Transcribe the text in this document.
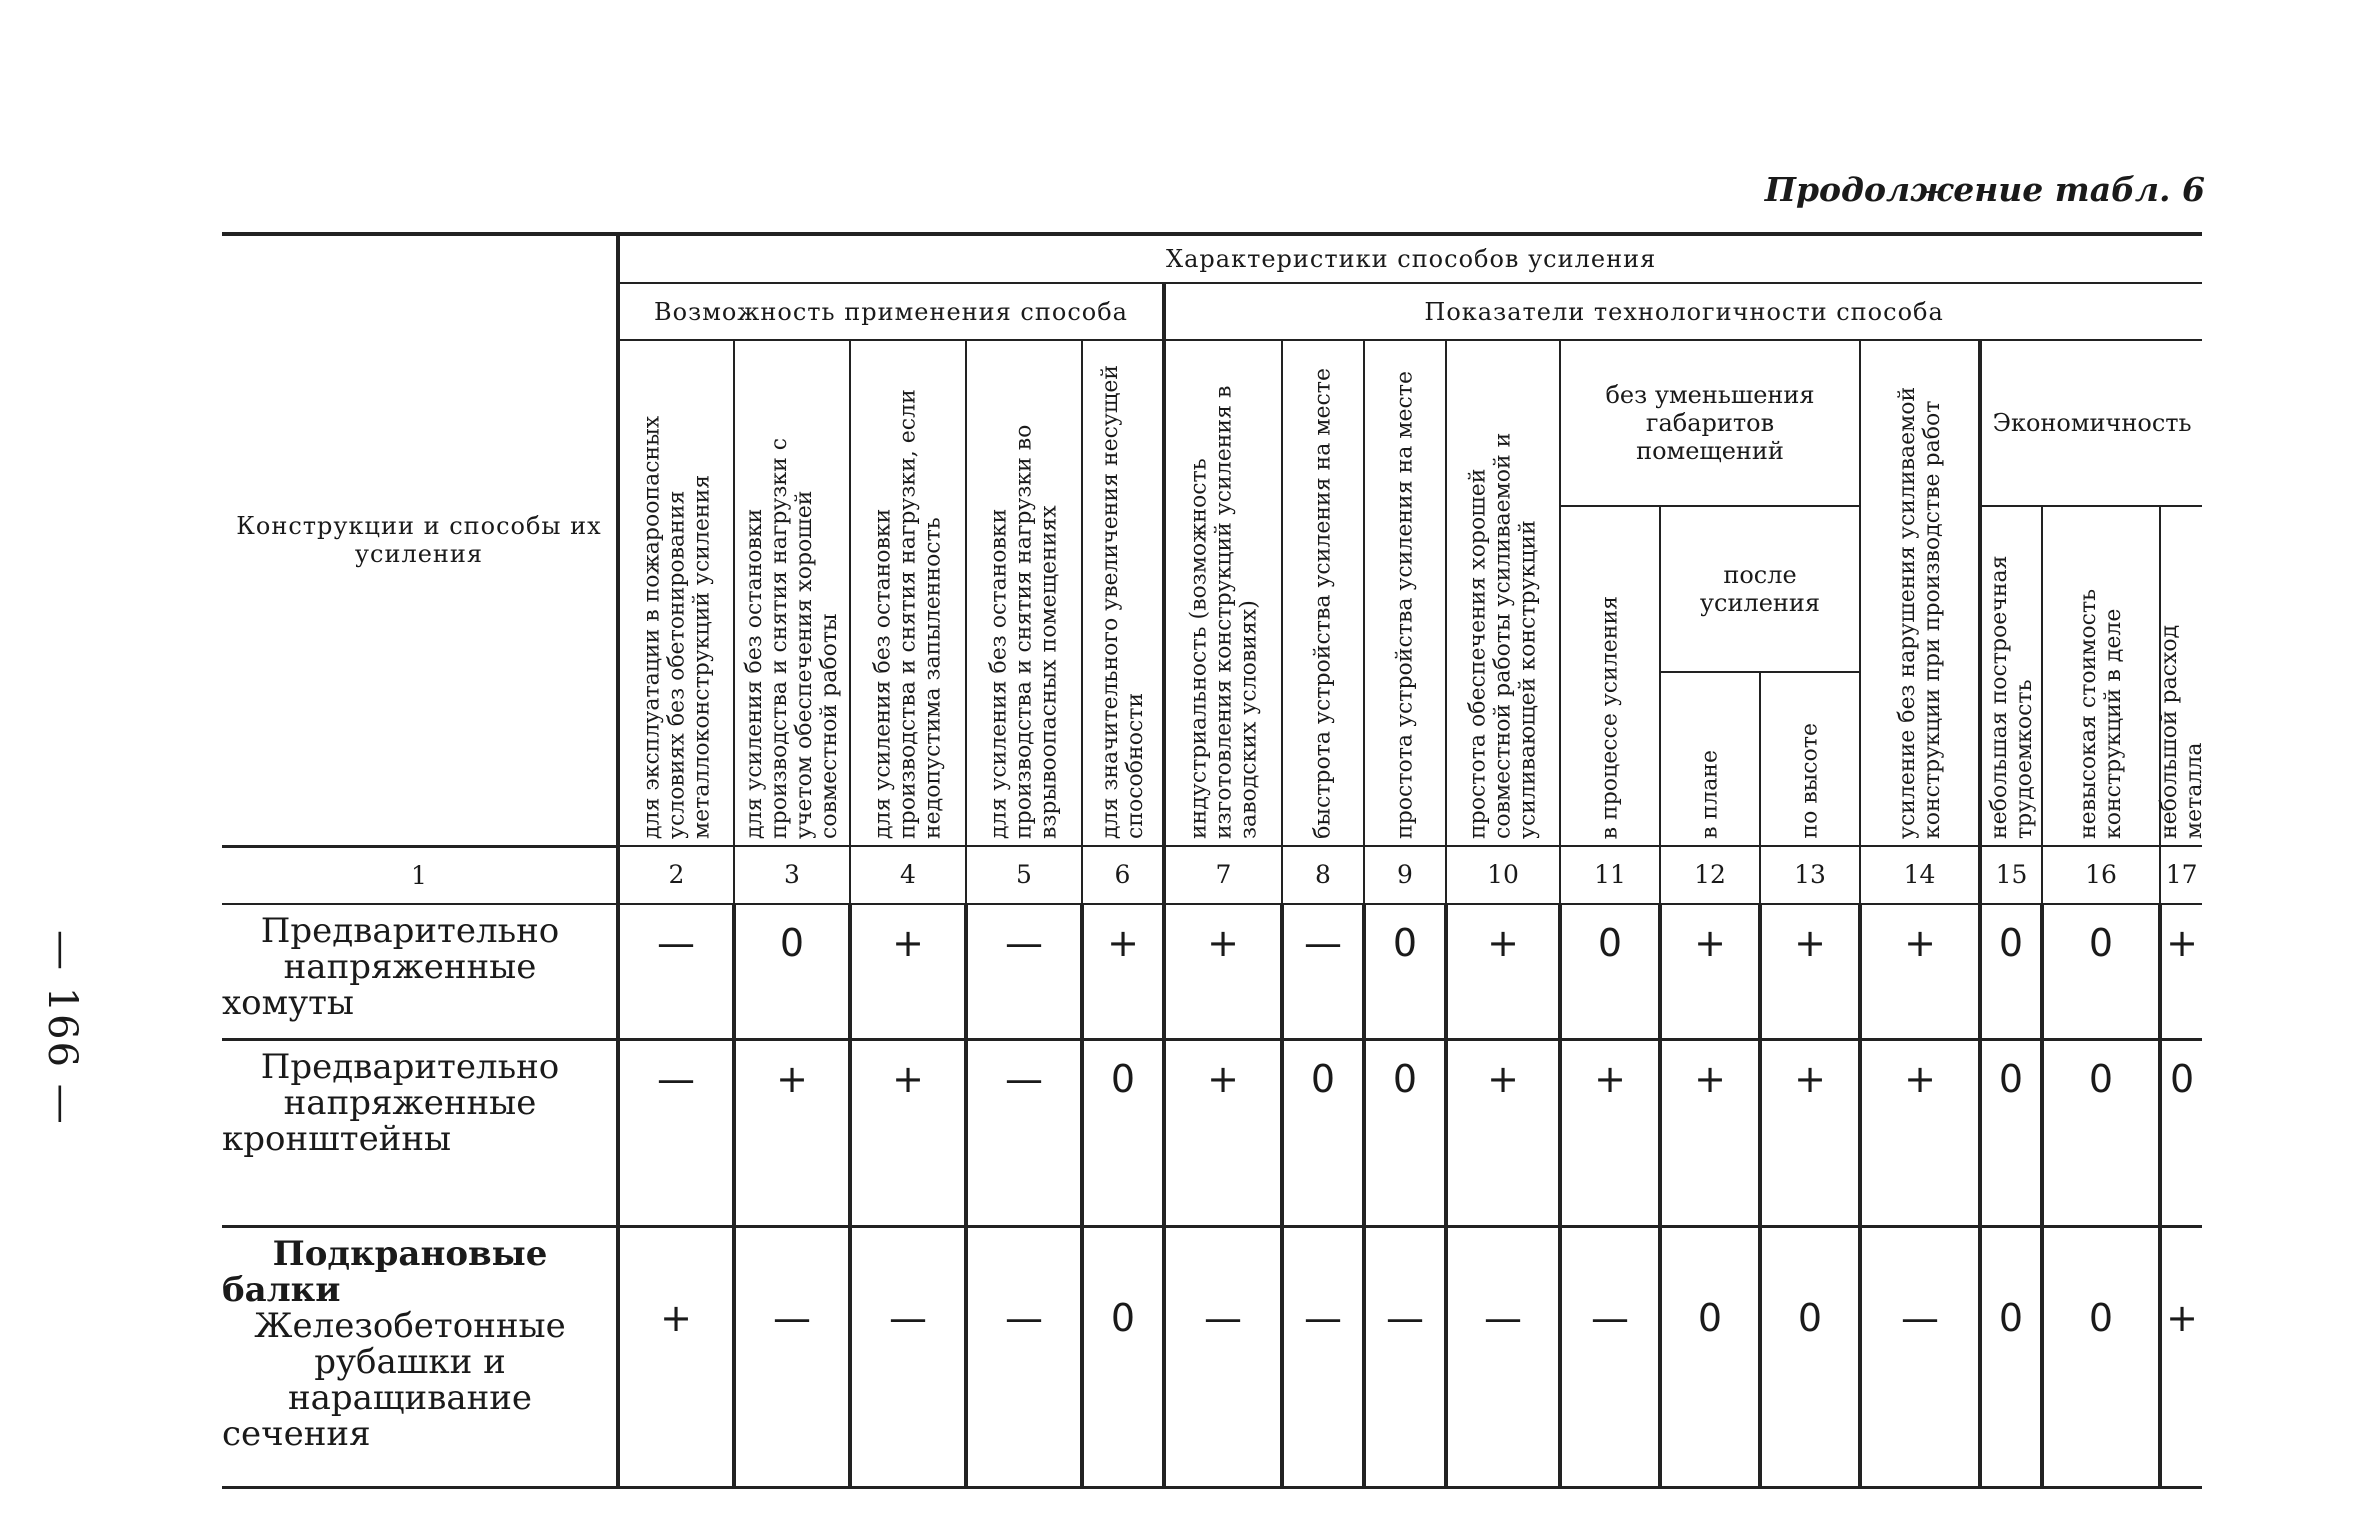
— 166 —
Продолжение табл. 6
Конструкции и способы их усиления	Характеристики способов усиления															
	Возможность применения способа					Показатели технологичности способа										

	для эксплуатации в пожароопасных условиях без обетонирования металлоконструкций усиления	для усиления без остановки производства и снятия нагрузки с учетом обеспечения хорошей совместной работы	для усиления без остановки производства и снятия нагрузки, если недопустима запыленность	для усиления без остановки производства и снятия нагрузки во взрывоопасных помещениях	для значительного увеличения несущей способности	индустриальность (возможность изготовления конструкций усиления в заводских условиях)	быстрота устройства усиления на месте	простота устройства усиления на месте	простота обеспечения хорошей совместной работы усиливаемой и усиливающей конструкций	без уменьшения габаритов помещений			усиление без нарушения усиливаемой конструкции при производстве работ	Экономичность		

										в процессе усиления	после усиления			небольшая построечная трудоемкость	невысокая стоимость конструкций в деле	небольшой расход металла

											в плане	по высоте				

1	2	3	4	5	6	7	8	9	10	11	12	13	14	15	16	17
Предварительно напряженные хомуты	—	0	+	—	+	+	—	0	+	0	+	+	+	0	0	+
Предварительно напряженные кронштейны	—	+	+	—	0	+	0	0	+	+	+	+	+	0	0	0

Подкрановые балки
Железобетонные рубашки и наращивание сечения	+	—	—	—	0	—	—	—	—	—	0	0	—	0	0	+
